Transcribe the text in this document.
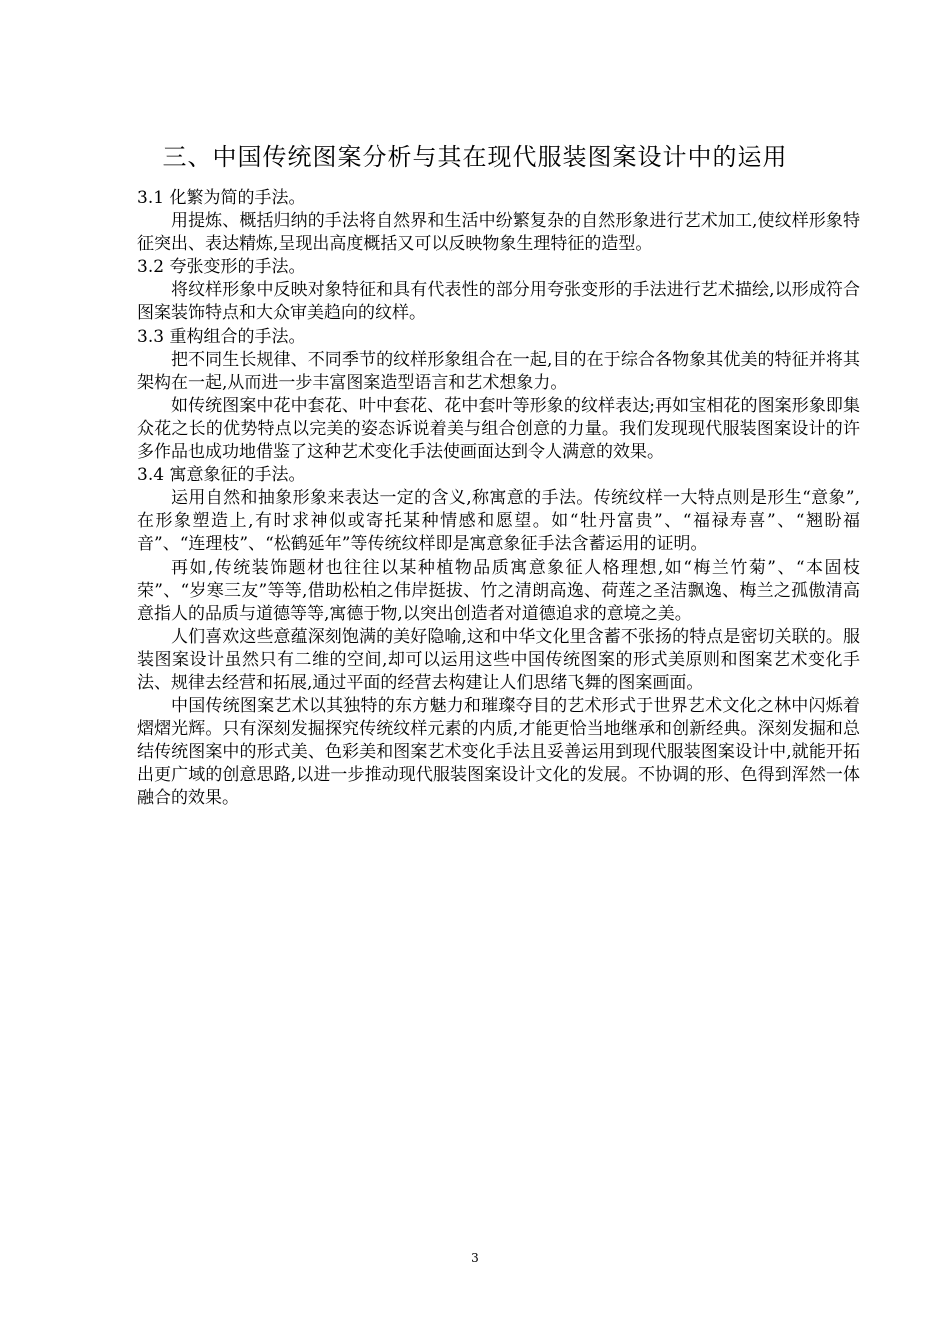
三、中国传统图案分析与其在现代服装图案设计中的运用

3.1 化繁为简的手法。

用提炼、概括归纳的手法将自然界和生活中纷繁复杂的自然形象进行艺术加工,使纹样形象特征突出、表达精炼,呈现出高度概括又可以反映物象生理特征的造型。

3.2 夸张变形的手法。

将纹样形象中反映对象特征和具有代表性的部分用夸张变形的手法进行艺术描绘,以形成符合图案装饰特点和大众审美趋向的纹样。

3.3 重构组合的手法。

把不同生长规律、不同季节的纹样形象组合在一起,目的在于综合各物象其优美的特征并将其架构在一起,从而进一步丰富图案造型语言和艺术想象力。

如传统图案中花中套花、叶中套花、花中套叶等形象的纹样表达;再如宝相花的图案形象即集众花之长的优势特点以完美的姿态诉说着美与组合创意的力量。我们发现现代服装图案设计的许多作品也成功地借鉴了这种艺术变化手法使画面达到令人满意的效果。

3.4 寓意象征的手法。

运用自然和抽象形象来表达一定的含义,称寓意的手法。传统纹样一大特点则是形生“意象”,在形象塑造上,有时求神似或寄托某种情感和愿望。如“牡丹富贵”、“福禄寿喜”、“翘盼福音”、“连理枝”、“松鹤延年”等传统纹样即是寓意象征手法含蓄运用的证明。

再如,传统装饰题材也往往以某种植物品质寓意象征人格理想,如“梅兰竹菊”、“本固枝荣”、“岁寒三友”等等,借助松柏之伟岸挺拔、竹之清朗高逸、荷莲之圣洁飘逸、梅兰之孤傲清高意指人的品质与道德等等,寓德于物,以突出创造者对道德追求的意境之美。

人们喜欢这些意蕴深刻饱满的美好隐喻,这和中华文化里含蓄不张扬的特点是密切关联的。服装图案设计虽然只有二维的空间,却可以运用这些中国传统图案的形式美原则和图案艺术变化手法、规律去经营和拓展,通过平面的经营去构建让人们思绪飞舞的图案画面。

中国传统图案艺术以其独特的东方魅力和璀璨夺目的艺术形式于世界艺术文化之林中闪烁着熠熠光辉。只有深刻发掘探究传统纹样元素的内质,才能更恰当地继承和创新经典。深刻发掘和总结传统图案中的形式美、色彩美和图案艺术变化手法且妥善运用到现代服装图案设计中,就能开拓出更广域的创意思路,以进一步推动现代服装图案设计文化的发展。不协调的形、色得到浑然一体融合的效果。

3
